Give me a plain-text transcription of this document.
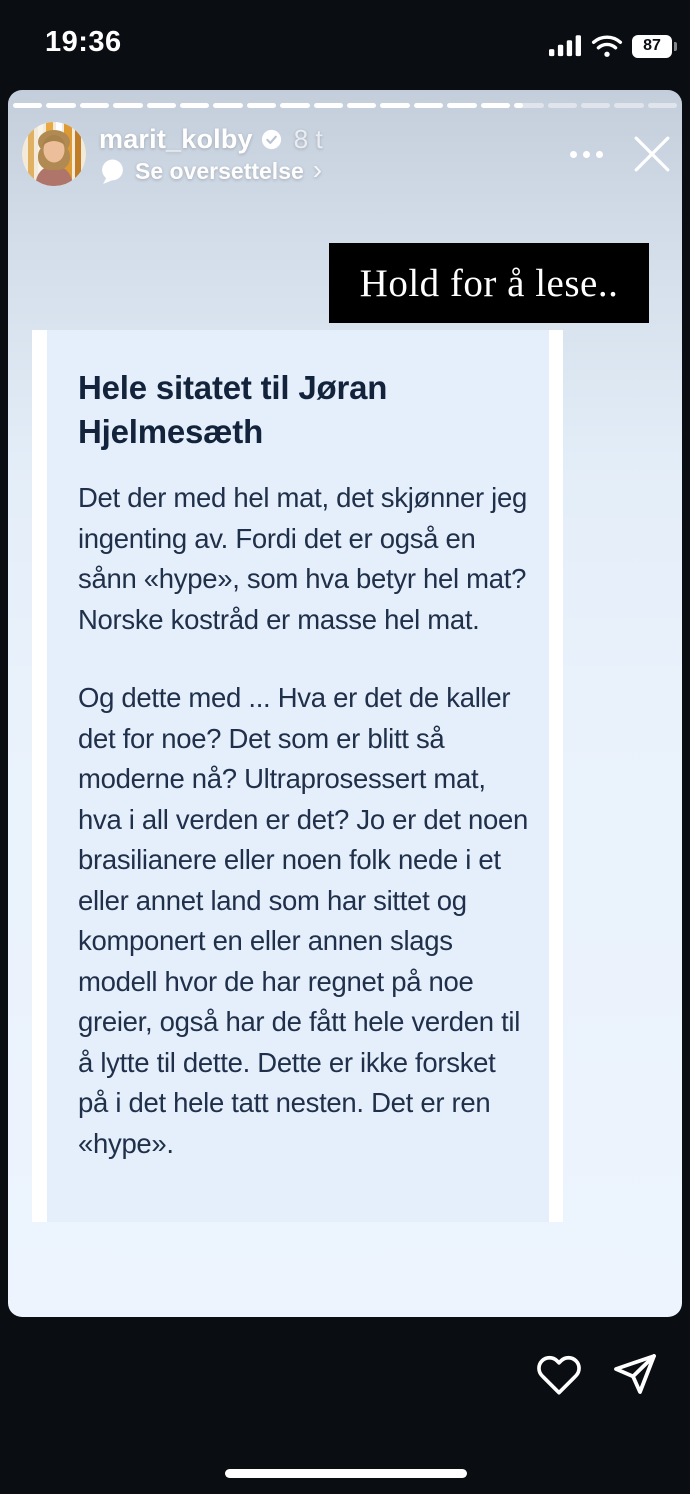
19:36	87
marit_kolby 8 t
Se oversettelse ›
Hold for å lese..
Hele sitatet til Jøran Hjelmesæth

Det der med hel mat, det skjønner jeg ingenting av. Fordi det er også en sånn «hype», som hva betyr hel mat? Norske kostråd er masse hel mat.

Og dette med ... Hva er det de kaller det for noe? Det som er blitt så moderne nå? Ultraprosessert mat, hva i all verden er det? Jo er det noen brasilianere eller noen folk nede i et eller annet land som har sittet og komponert en eller annen slags modell hvor de har regnet på noe greier, også har de fått hele verden til å lytte til dette. Dette er ikke forsket på i det hele tatt nesten. Det er ren «hype».
